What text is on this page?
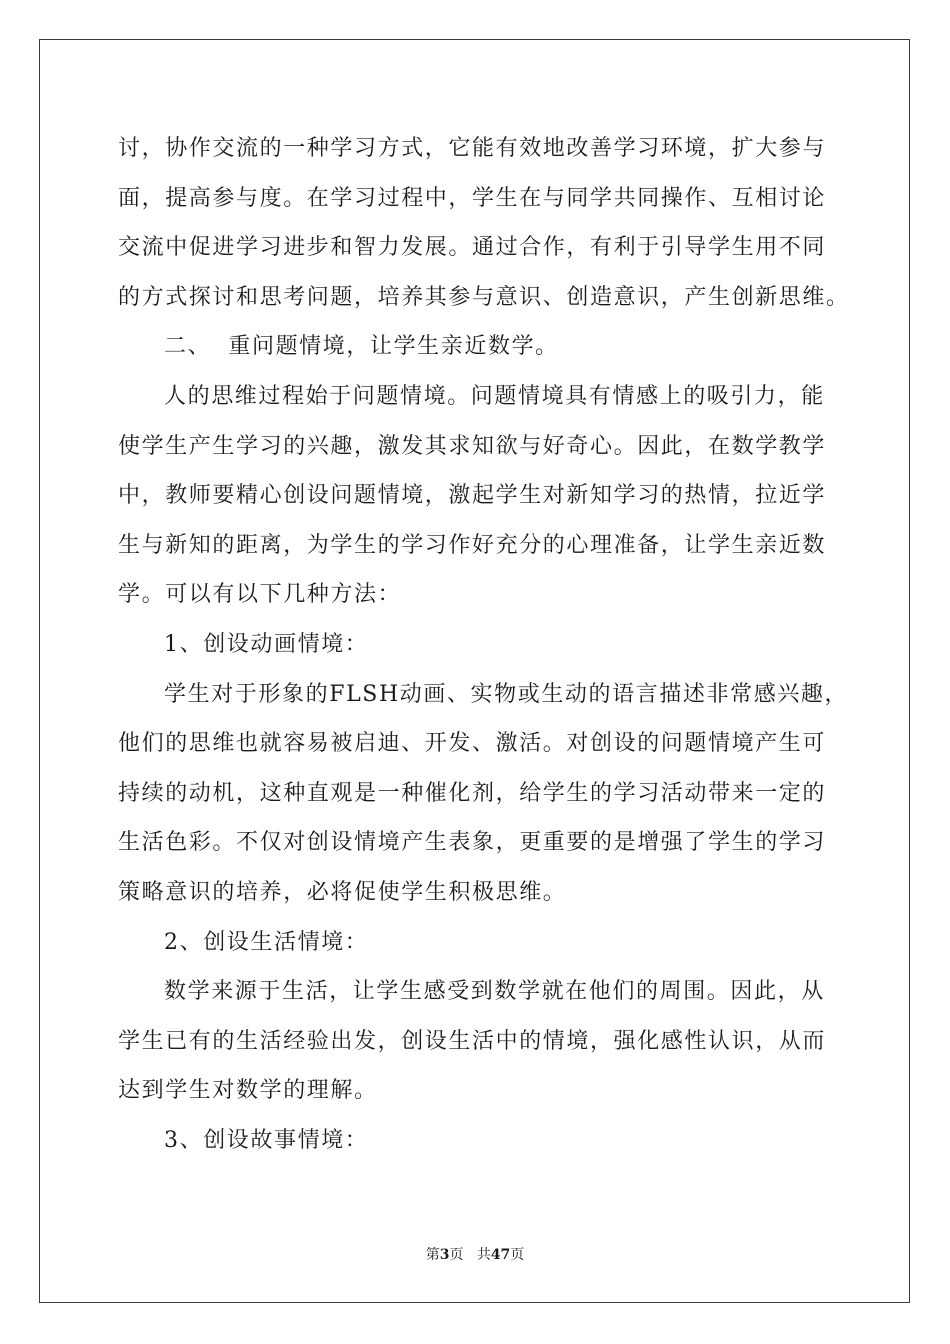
讨，协作交流的一种学习方式，它能有效地改善学习环境，扩大参与
面，提高参与度。在学习过程中，学生在与同学共同操作、互相讨论
交流中促进学习进步和智力发展。通过合作，有利于引导学生用不同
的方式探讨和思考问题，培养其参与意识、创造意识，产生创新思维。
二、  重问题情境，让学生亲近数学。
人的思维过程始于问题情境。问题情境具有情感上的吸引力，能
使学生产生学习的兴趣，激发其求知欲与好奇心。因此，在数学教学
中，教师要精心创设问题情境，激起学生对新知学习的热情，拉近学
生与新知的距离，为学生的学习作好充分的心理准备，让学生亲近数
学。可以有以下几种方法：
1、创设动画情境：
学生对于形象的FLSH动画、实物或生动的语言描述非常感兴趣，
他们的思维也就容易被启迪、开发、激活。对创设的问题情境产生可
持续的动机，这种直观是一种催化剂，给学生的学习活动带来一定的
生活色彩。不仅对创设情境产生表象，更重要的是增强了学生的学习
策略意识的培养，必将促使学生积极思维。
2、创设生活情境：
数学来源于生活，让学生感受到数学就在他们的周围。因此，从
学生已有的生活经验出发，创设生活中的情境，强化感性认识，从而
达到学生对数学的理解。
3、创设故事情境：
第3页 共47页
